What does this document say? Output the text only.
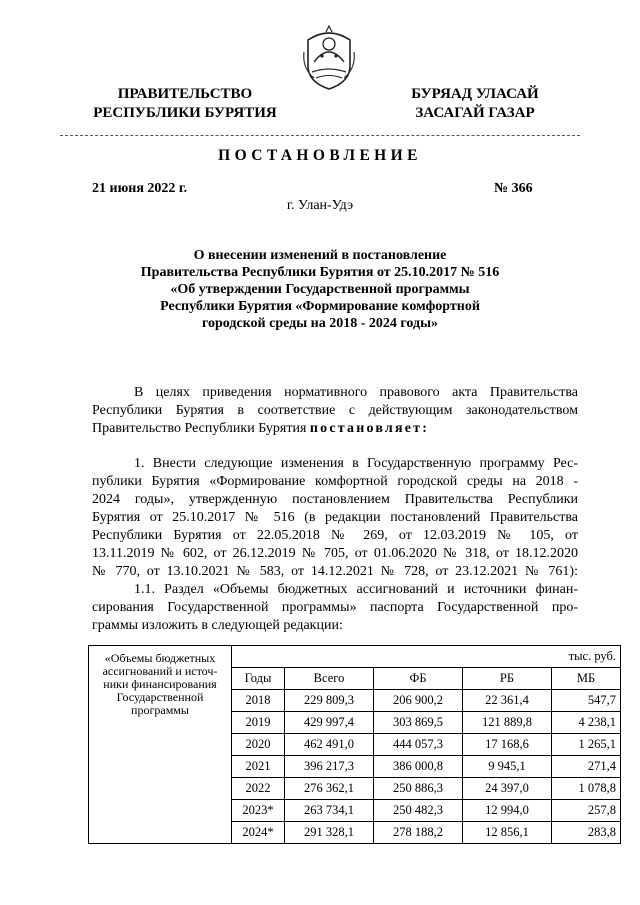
ПРАВИТЕЛЬСТВО
РЕСПУБЛИКИ БУРЯТИЯ
БУРЯАД УЛАСАЙ
ЗАСАГАЙ ГАЗАР
ПОСТАНОВЛЕНИЕ
21 июня 2022 г.	№ 366
г. Улан-Удэ
О внесении изменений в постановление
Правительства Республики Бурятия от 25.10.2017 № 516
«Об утверждении Государственной программы
Республики Бурятия «Формирование комфортной
городской среды на 2018 - 2024 годы»
В целях приведения нормативного правового акта Правительства
Республики Бурятия в соответствие с действующим законодательством
Правительство Республики Бурятия постановляет:
1. Внести следующие изменения в Государственную программу Рес-
публики Бурятия «Формирование комфортной городской среды на 2018 -
2024 годы», утвержденную постановлением Правительства Республики
Бурятия от 25.10.2017 № 516 (в редакции постановлений Правительства
Республики Бурятия от 22.05.2018 № 269, от 12.03.2019 № 105, от
13.11.2019 № 602, от 26.12.2019 № 705, от 01.06.2020 № 318, от 18.12.2020
№ 770, от 13.10.2021 № 583, от 14.12.2021 № 728, от 23.12.2021 № 761):
1.1. Раздел «Объемы бюджетных ассигнований и источники финан-
сирования Государственной программы» паспорта Государственной про-
граммы изложить в следующей редакции:
«Объемы бюджетных
ассигнований и источ-
ники финансирования
Государственной
программы	тыс. руб.				
	Годы	Всего	ФБ	РБ	МБ
	2018	229 809,3	206 900,2	22 361,4	547,7
	2019	429 997,4	303 869,5	121 889,8	4 238,1
	2020	462 491,0	444 057,3	17 168,6	1 265,1
	2021	396 217,3	386 000,8	9 945,1	271,4
	2022	276 362,1	250 886,3	24 397,0	1 078,8
	2023*	263 734,1	250 482,3	12 994,0	257,8
	2024*	291 328,1	278 188,2	12 856,1	283,8
